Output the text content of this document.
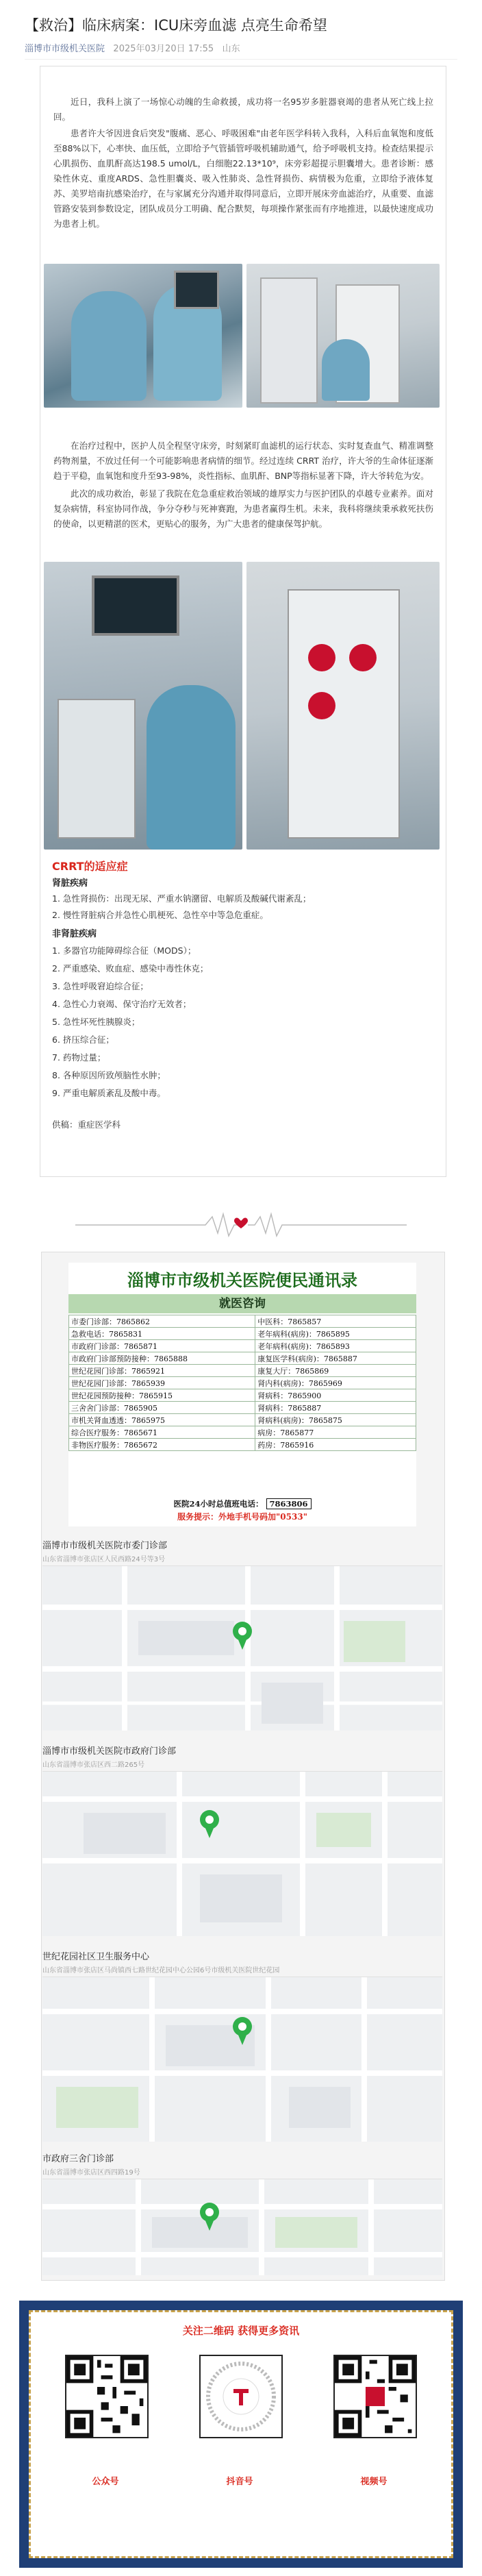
【救治】临床病案：ICU床旁血滤 点亮生命希望
淄博市市级机关医院 2025年03月20日 17:55 山东
近日，我科上演了一场惊心动魄的生命救援，成功将一名95岁多脏器衰竭的患者从死亡线上拉回。
患者许大爷因进食后突发"腹痛、恶心、呼吸困难"由老年医学科转入我科，入科后血氧饱和度低至88%以下，心率快、血压低，立即给予气管插管呼吸机辅助通气，给予呼吸机支持。检查结果提示心肌损伤、血肌酐高达198.5 umol/L，白细胞22.13*10⁹，床旁彩超提示胆囊增大。患者诊断：感染性休克、重度ARDS、急性胆囊炎、吸入性肺炎、急性肾损伤、病情极为危重，立即给予液体复苏、美罗培南抗感染治疗，在与家属充分沟通并取得同意后，立即开展床旁血滤治疗，从重要、血滤管路安装到参数设定，团队成员分工明确、配合默契，每项操作紧张而有序地推进，以最快速度成功为患者上机。
在治疗过程中，医护人员全程坚守床旁，时刻紧盯血滤机的运行状态、实时复查血气、精准调整药物剂量，不放过任何一个可能影响患者病情的细节。经过连续 CRRT 治疗，许大爷的生命体征逐渐趋于平稳，血氧饱和度升至93-98%，炎性指标、血肌酐、BNP等指标显著下降，许大爷转危为安。
此次的成功救治，彰显了我院在危急重症救治领域的雄厚实力与医护团队的卓越专业素养。面对复杂病情，科室协同作战，争分夺秒与死神赛跑，为患者赢得生机。未来，我科将继续秉承救死扶伤的使命，以更精湛的医术，更贴心的服务，为广大患者的健康保驾护航。
CRRT的适应症
肾脏疾病
1. 急性肾损伤：出现无尿、严重水钠潴留、电解质及酸碱代谢紊乱；
2. 慢性肾脏病合并急性心肌梗死、急性卒中等急危重症。
非肾脏疾病
1. 多器官功能障碍综合征（MODS）；
2. 严重感染、败血症、感染中毒性休克；
3. 急性呼吸窘迫综合征；
4. 急性心力衰竭、保守治疗无效者；
5. 急性坏死性胰腺炎；
6. 挤压综合征；
7. 药物过量；
8. 各种原因所致颅脑性水肿；
9. 严重电解质紊乱及酸中毒。
供稿：重症医学科
淄博市市级机关医院便民通讯录
就医咨询
市委门诊部：7865862	中医科：7865857
急救电话：7865831	老年病科(病房)：7865895
市政府门诊部：7865871	老年病科(病房)：7865893
市政府门诊部预防接种：7865888	康复医学科(病房)：7865887
世纪花园门诊部：7865921	康复大厅：7865869
世纪花园门诊部：7865939	肾内科(病房)：7865969
世纪花园预防接种：7865915	肾病科：7865900
三舍舍门诊部：7865905	肾病科：7865887
市机关肾血透透：7865975	肾病科(病房)：7865875
综合医疗服务：7865671	病房：7865877
非物医疗服务：7865672	药房：7865916
医院24小时总值班电话： 7863806
服务提示：外地手机号码加"0533"
淄博市市级机关医院市委门诊部
山东省淄博市张店区人民西路24号等3号
淄博市市级机关医院市政府门诊部
山东省淄博市张店区西二路265号
世纪花园社区卫生服务中心
山东省淄博市张店区马尚镇西七路世纪花园中心公园6号市级机关医院世纪花园
市政府三舍门诊部
山东省淄博市张店区西四路19号
关注二维码 获得更多资讯
公众号	抖音号	视频号
